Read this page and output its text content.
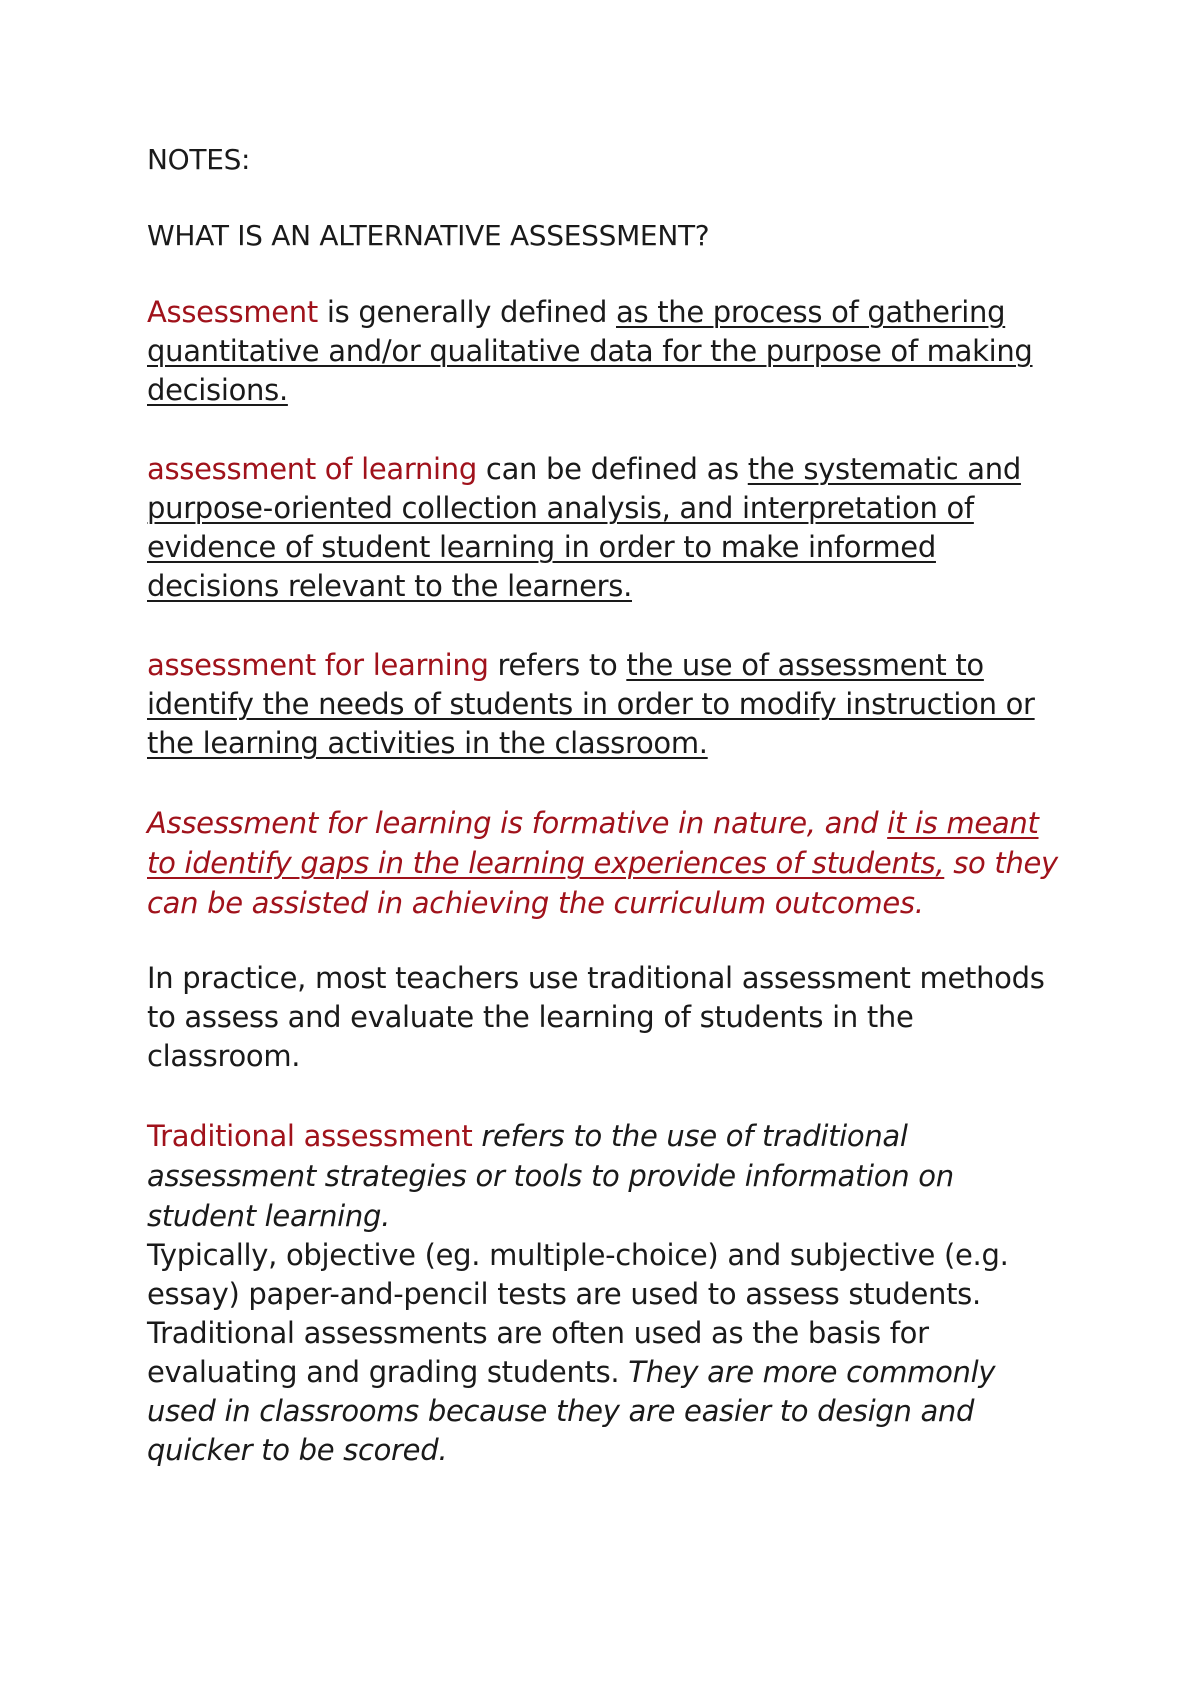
NOTES:

WHAT IS AN ALTERNATIVE ASSESSMENT?

Assessment is generally defined as the process of gathering quantitative and/or qualitative data for the purpose of making decisions.

assessment of learning can be defined as the systematic and purpose-oriented collection analysis, and interpretation of evidence of student learning in order to make informed decisions relevant to the learners.

assessment for learning refers to the use of assessment to identify the needs of students in order to modify instruction or the learning activities in the classroom.

Assessment for learning is formative in nature, and it is meant to identify gaps in the learning experiences of students, so they can be assisted in achieving the curriculum outcomes.

In practice, most teachers use traditional assessment methods to assess and evaluate the learning of students in the classroom.

Traditional assessment refers to the use of traditional assessment strategies or tools to provide information on student learning.

Typically, objective (eg. multiple-choice) and subjective (e.g. essay) paper-and-pencil tests are used to assess students. Traditional assessments are often used as the basis for evaluating and grading students. They are more commonly used in classrooms because they are easier to design and quicker to be scored.
